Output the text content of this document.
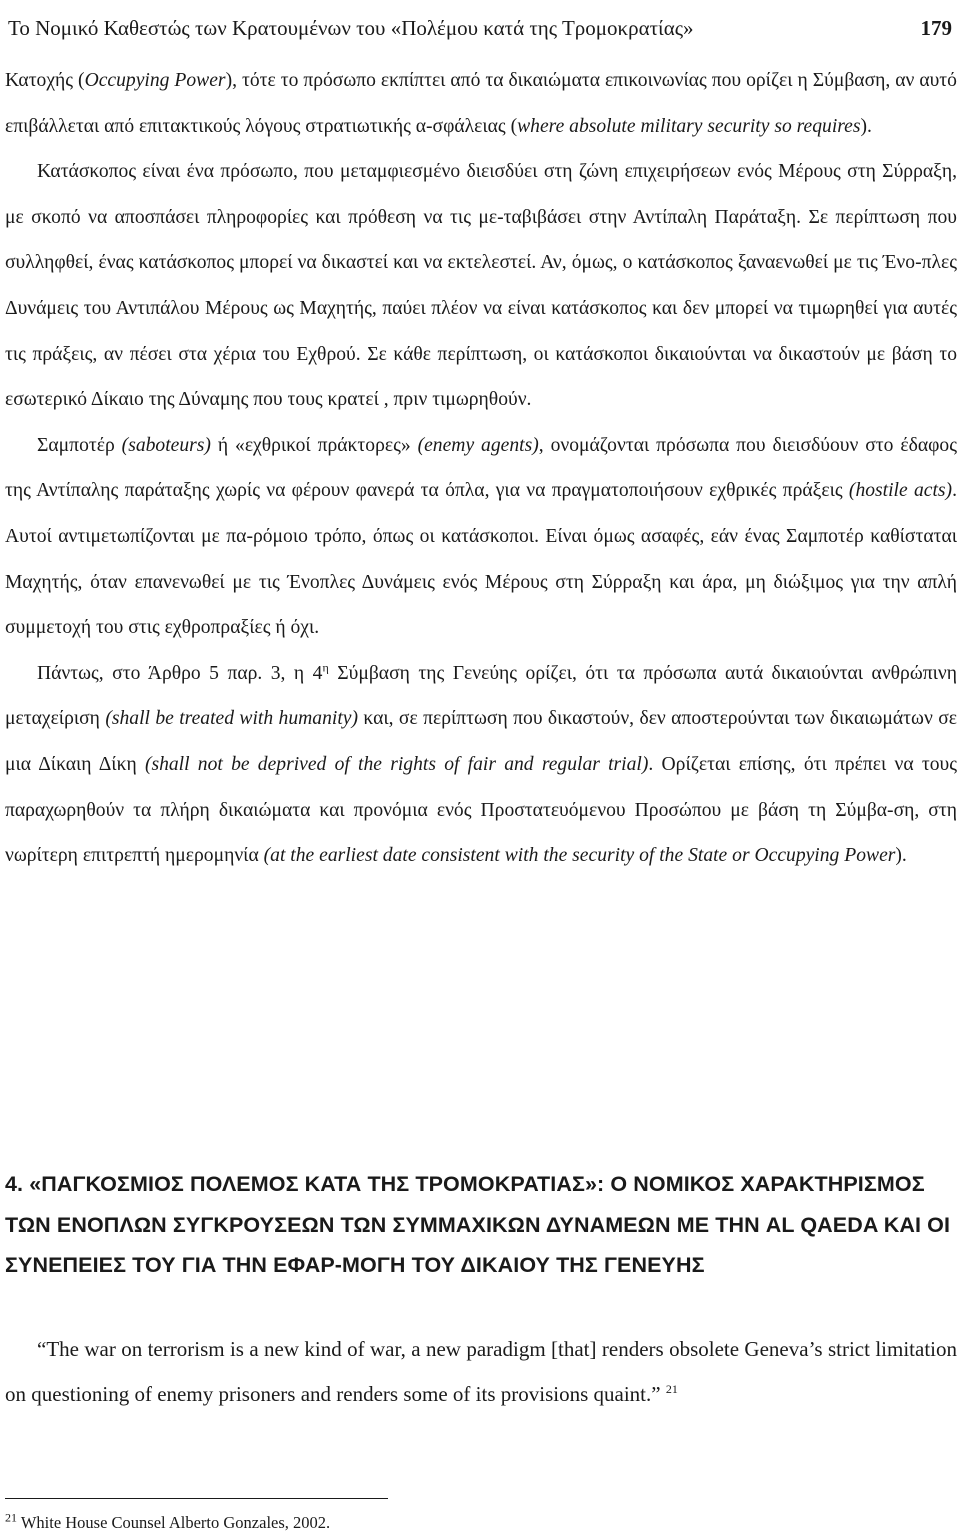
Το Νομικό Καθεστώς των Κρατουμένων του «Πολέμου κατά της Τρομοκρατίας»	179

Κατοχής (Occupying Power), τότε το πρόσωπο εκπίπτει από τα δικαιώματα επικοινωνίας που ορίζει η Σύμβαση, αν αυτό επιβάλλεται από επιτακτικούς λόγους στρατιωτικής α-σφάλειας (where absolute military security so requires).

Κατάσκοπος είναι ένα πρόσωπο, που μεταμφιεσμένο διεισδύει στη ζώνη επιχειρήσεων ενός Μέρους στη Σύρραξη, με σκοπό να αποσπάσει πληροφορίες και πρόθεση να τις με-ταβιβάσει στην Αντίπαλη Παράταξη. Σε περίπτωση που συλληφθεί, ένας κατάσκοπος μπορεί να δικαστεί και να εκτελεστεί. Αν, όμως, ο κατάσκοπος ξαναενωθεί με τις Ένο-πλες Δυνάμεις του Αντιπάλου Μέρους ως Μαχητής, παύει πλέον να είναι κατάσκοπος και δεν μπορεί να τιμωρηθεί για αυτές τις πράξεις, αν πέσει στα χέρια του Εχθρού. Σε κάθε περίπτωση, οι κατάσκοποι δικαιούνται να δικαστούν με βάση το εσωτερικό Δίκαιο της Δύναμης που τους κρατεί , πριν τιμωρηθούν.

Σαμποτέρ (saboteurs) ή «εχθρικοί πράκτορες» (enemy agents), ονομάζονται πρόσωπα που διεισδύουν στο έδαφος της Αντίπαλης παράταξης χωρίς να φέρουν φανερά τα όπλα, για να πραγματοποιήσουν εχθρικές πράξεις (hostile acts). Αυτοί αντιμετωπίζονται με πα-ρόμοιο τρόπο, όπως οι κατάσκοποι. Είναι όμως ασαφές, εάν ένας Σαμποτέρ καθίσταται Μαχητής, όταν επανενωθεί με τις Ένοπλες Δυνάμεις ενός Μέρους στη Σύρραξη και άρα, μη διώξιμος για την απλή συμμετοχή του στις εχθροπραξίες ή όχι.

Πάντως, στο Άρθρο 5 παρ. 3, η $4^\eta$ Σύμβαση της Γενεύης ορίζει, ότι τα πρόσωπα αυτά δικαιούνται ανθρώπινη μεταχείριση (shall be treated with humanity) και, σε περίπτωση που δικαστούν, δεν αποστερούνται των δικαιωμάτων σε μια Δίκαιη Δίκη (shall not be deprived of the rights of fair and regular trial). Ορίζεται επίσης, ότι πρέπει να τους παραχωρηθούν τα πλήρη δικαιώματα και προνόμια ενός Προστατευόμενου Προσώπου με βάση τη Σύμβα-ση, στη νωρίτερη επιτρεπτή ημερομηνία (at the earliest date consistent with the security of the State or Occupying Power).

4. «ΠΑΓΚΟΣΜΙΟΣ ΠΟΛΕΜΟΣ ΚΑΤΑ ΤΗΣ ΤΡΟΜΟΚΡΑΤΙΑΣ»: Ο ΝΟΜΙΚΟΣ ΧΑΡΑΚΤΗΡΙΣΜΟΣ ΤΩΝ ΕΝΟΠΛΩΝ ΣΥΓΚΡΟΥΣΕΩΝ ΤΩΝ ΣΥΜΜΑΧΙΚΩΝ ΔΥΝΑΜΕΩΝ ΜΕ ΤΗΝ AL QAEDA ΚΑΙ ΟΙ ΣΥΝΕΠΕΙΕΣ ΤΟΥ ΓΙΑ ΤΗΝ ΕΦΑΡ-ΜΟΓΗ ΤΟΥ ΔΙΚΑΙΟΥ ΤΗΣ ΓΕΝΕΥΗΣ

“The war on terrorism is a new kind of war, a new paradigm [that] renders obsolete Geneva’s strict limitation on questioning of enemy prisoners and renders some of its provisions quaint.” $^{21}$

$^{21}$ White House Counsel Alberto Gonzales, 2002.
